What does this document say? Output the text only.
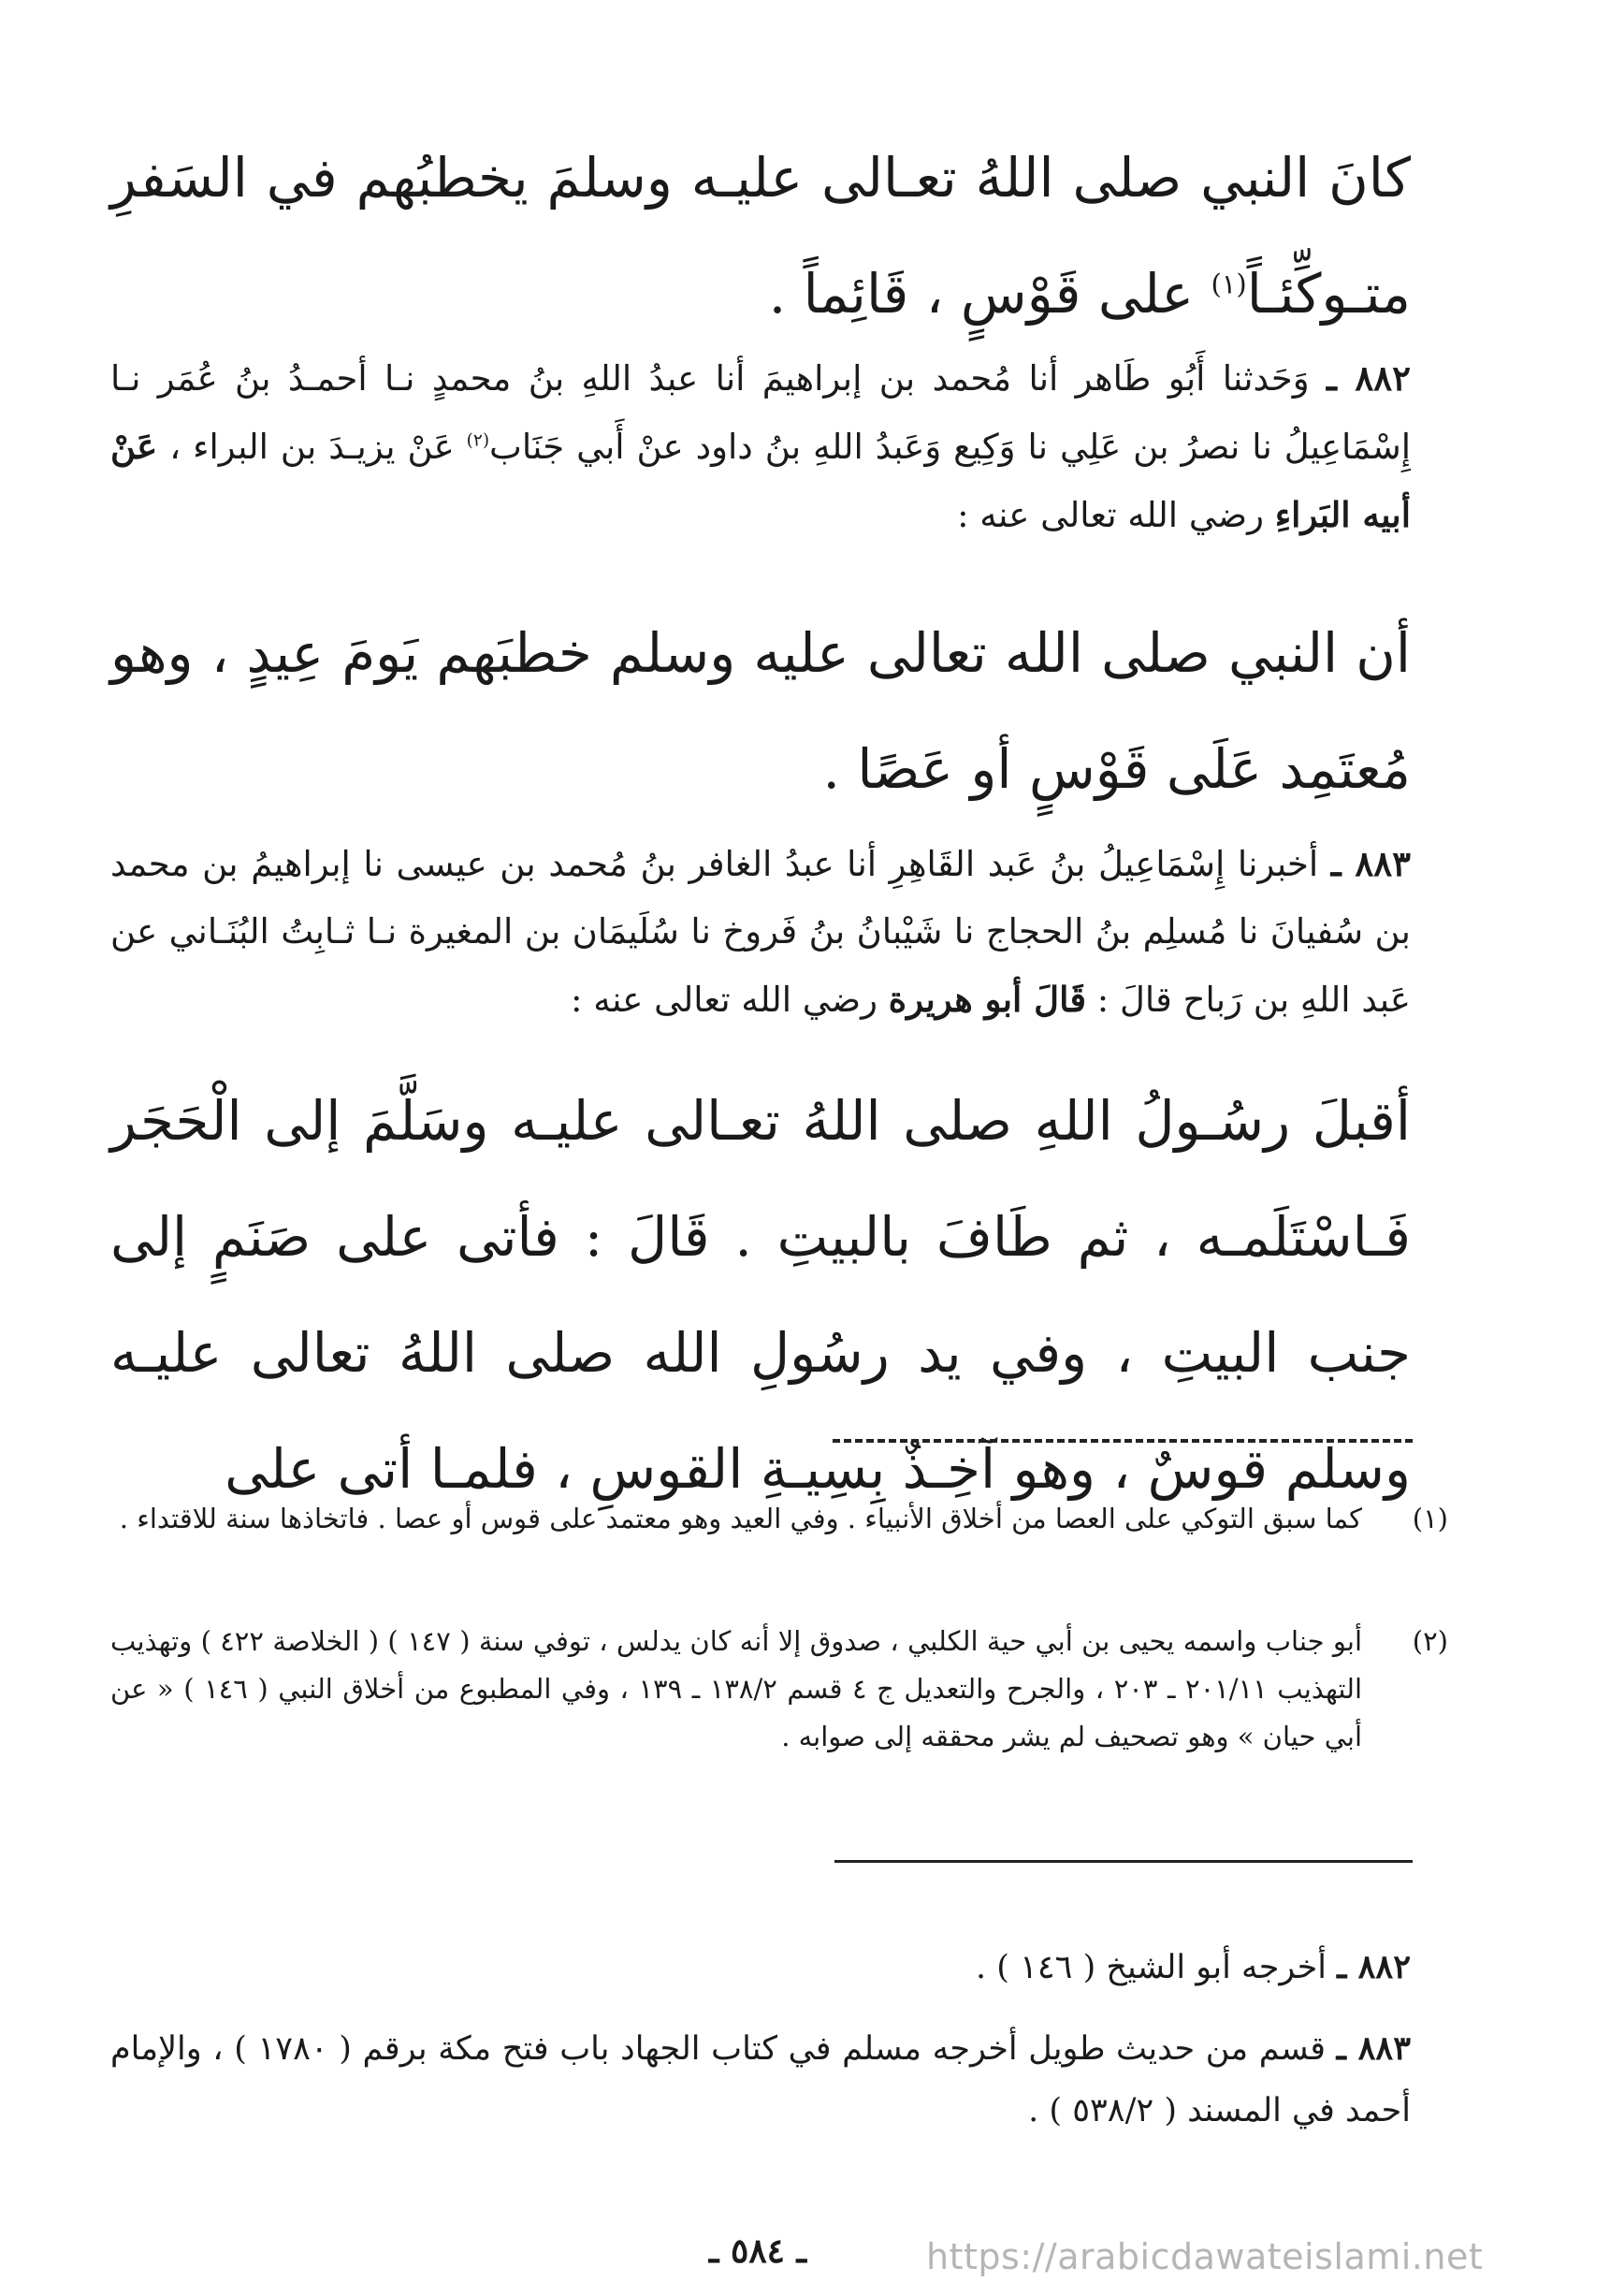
كانَ النبي صلى اللهُ تعـالى عليـه وسلمَ يخطبُهم في السَفرِ متـوكِّئـاً$^{(١)}$ على قَوْسٍ ، قَائِماً .
٨٨٢ ـ وَحَدثنا أَبُو طَاهر أنا مُحمد بن إبراهيمَ أنا عبدُ اللهِ بنُ محمدٍ نـا أحمـدُ بنُ عُمَر نـا إِسْمَاعِيلُ نا نصرُ بن عَلِي نا وَكِيع وَعَبدُ اللهِ بنُ داود عنْ أَبي جَنَاب$^{(٢)}$ عَنْ يزيـدَ بن البراء ، عَنْ أبيه البَراءِ رضي الله تعالى عنه :
أن النبي صلى الله تعالى عليه وسلم خطبَهم يَومَ عِيدٍ ، وهو مُعتَمِد عَلَى قَوْسٍ أو عَصًا .
٨٨٣ ـ أخبرنا إِسْمَاعِيلُ بنُ عَبد القَاهِرِ أنا عبدُ الغافر بنُ مُحمد بن عيسى نا إبراهيمُ بن محمد بن سُفيانَ نا مُسلِم بنُ الحجاج نا شَيْبانُ بنُ فَروخ نا سُلَيمَان بن المغيرة نـا ثـابِتُ البُنَـاني عن عَبد اللهِ بن رَباح قالَ : قَالَ أبو هريرة رضي الله تعالى عنه :
أقبلَ رسُـولُ اللهِ صلى اللهُ تعـالى عليـه وسَلَّمَ إلى الْحَجَر فَـاسْتَلَمـه ، ثم طَافَ بالبيتِ . قَالَ : فأتى على صَنَمٍ إلى جنب البيتِ ، وفي يد رسُولِ الله صلى اللهُ تعالى عليـه وسلم قوسٌ ، وهو آخِـذٌ بِسِيـةِ القوسِ ، فلمـا أتى على
(١)
كما سبق التوكي على العصا من أخلاق الأنبياء . وفي العيد وهو معتمد على قوس أو عصا . فاتخاذها سنة للاقتداء .
(٢)
أبو جناب واسمه يحيى بن أبي حية الكلبي ، صدوق إلا أنه كان يدلس ، توفي سنة ( ١٤٧ ) ( الخلاصة ٤٢٢ ) وتهذيب التهذيب ٢٠١/١١ ـ ٢٠٣ ، والجرح والتعديل ج ٤ قسم ١٣٨/٢ ـ ١٣٩ ، وفي المطبوع من أخلاق النبي ( ١٤٦ ) « عن أبي حيان » وهو تصحيف لم يشر محققه إلى صوابه .
٨٨٢ ـ أخرجه أبو الشيخ ( ١٤٦ ) .
٨٨٣ ـ قسم من حديث طويل أخرجه مسلم في كتاب الجهاد باب فتح مكة برقم ( ١٧٨٠ ) ، والإمام أحمد في المسند ( ٥٣٨/٢ ) .
ـ ٥٨٤ ـ	https://arabicdawateislami.net
